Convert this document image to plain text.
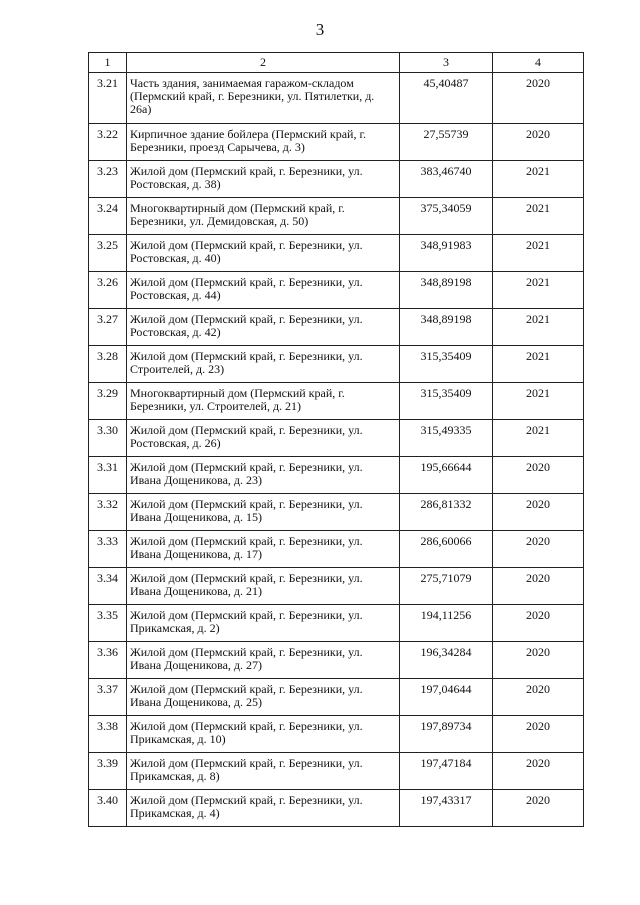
3
1	2	3	4
3.21	Часть здания, занимаемая гаражом-складом (Пермский край, г. Березники, ул. Пятилетки, д. 26а)	45,40487	2020
3.22	Кирпичное здание бойлера (Пермский край, г. Березники, проезд Сарычева, д. 3)	27,55739	2020
3.23	Жилой дом (Пермский край, г. Березники, ул. Ростовская, д. 38)	383,46740	2021
3.24	Многоквартирный дом (Пермский край, г. Березники, ул. Демидовская, д. 50)	375,34059	2021
3.25	Жилой дом (Пермский край, г. Березники, ул. Ростовская, д. 40)	348,91983	2021
3.26	Жилой дом (Пермский край, г. Березники, ул. Ростовская, д. 44)	348,89198	2021
3.27	Жилой дом (Пермский край, г. Березники, ул. Ростовская, д. 42)	348,89198	2021
3.28	Жилой дом (Пермский край, г. Березники, ул. Строителей, д. 23)	315,35409	2021
3.29	Многоквартирный дом (Пермский край, г. Березники, ул. Строителей, д. 21)	315,35409	2021
3.30	Жилой дом (Пермский край, г. Березники, ул. Ростовская, д. 26)	315,49335	2021
3.31	Жилой дом (Пермский край, г. Березники, ул. Ивана Дощеникова, д. 23)	195,66644	2020
3.32	Жилой дом (Пермский край, г. Березники, ул. Ивана Дощеникова, д. 15)	286,81332	2020
3.33	Жилой дом (Пермский край, г. Березники, ул. Ивана Дощеникова, д. 17)	286,60066	2020
3.34	Жилой дом (Пермский край, г. Березники, ул. Ивана Дощеникова, д. 21)	275,71079	2020
3.35	Жилой дом (Пермский край, г. Березники, ул. Прикамская, д. 2)	194,11256	2020
3.36	Жилой дом (Пермский край, г. Березники, ул. Ивана Дощеникова, д. 27)	196,34284	2020
3.37	Жилой дом (Пермский край, г. Березники, ул. Ивана Дощеникова, д. 25)	197,04644	2020
3.38	Жилой дом (Пермский край, г. Березники, ул. Прикамская, д. 10)	197,89734	2020
3.39	Жилой дом (Пермский край, г. Березники, ул. Прикамская, д. 8)	197,47184	2020
3.40	Жилой дом (Пермский край, г. Березники, ул. Прикамская, д. 4)	197,43317	2020
